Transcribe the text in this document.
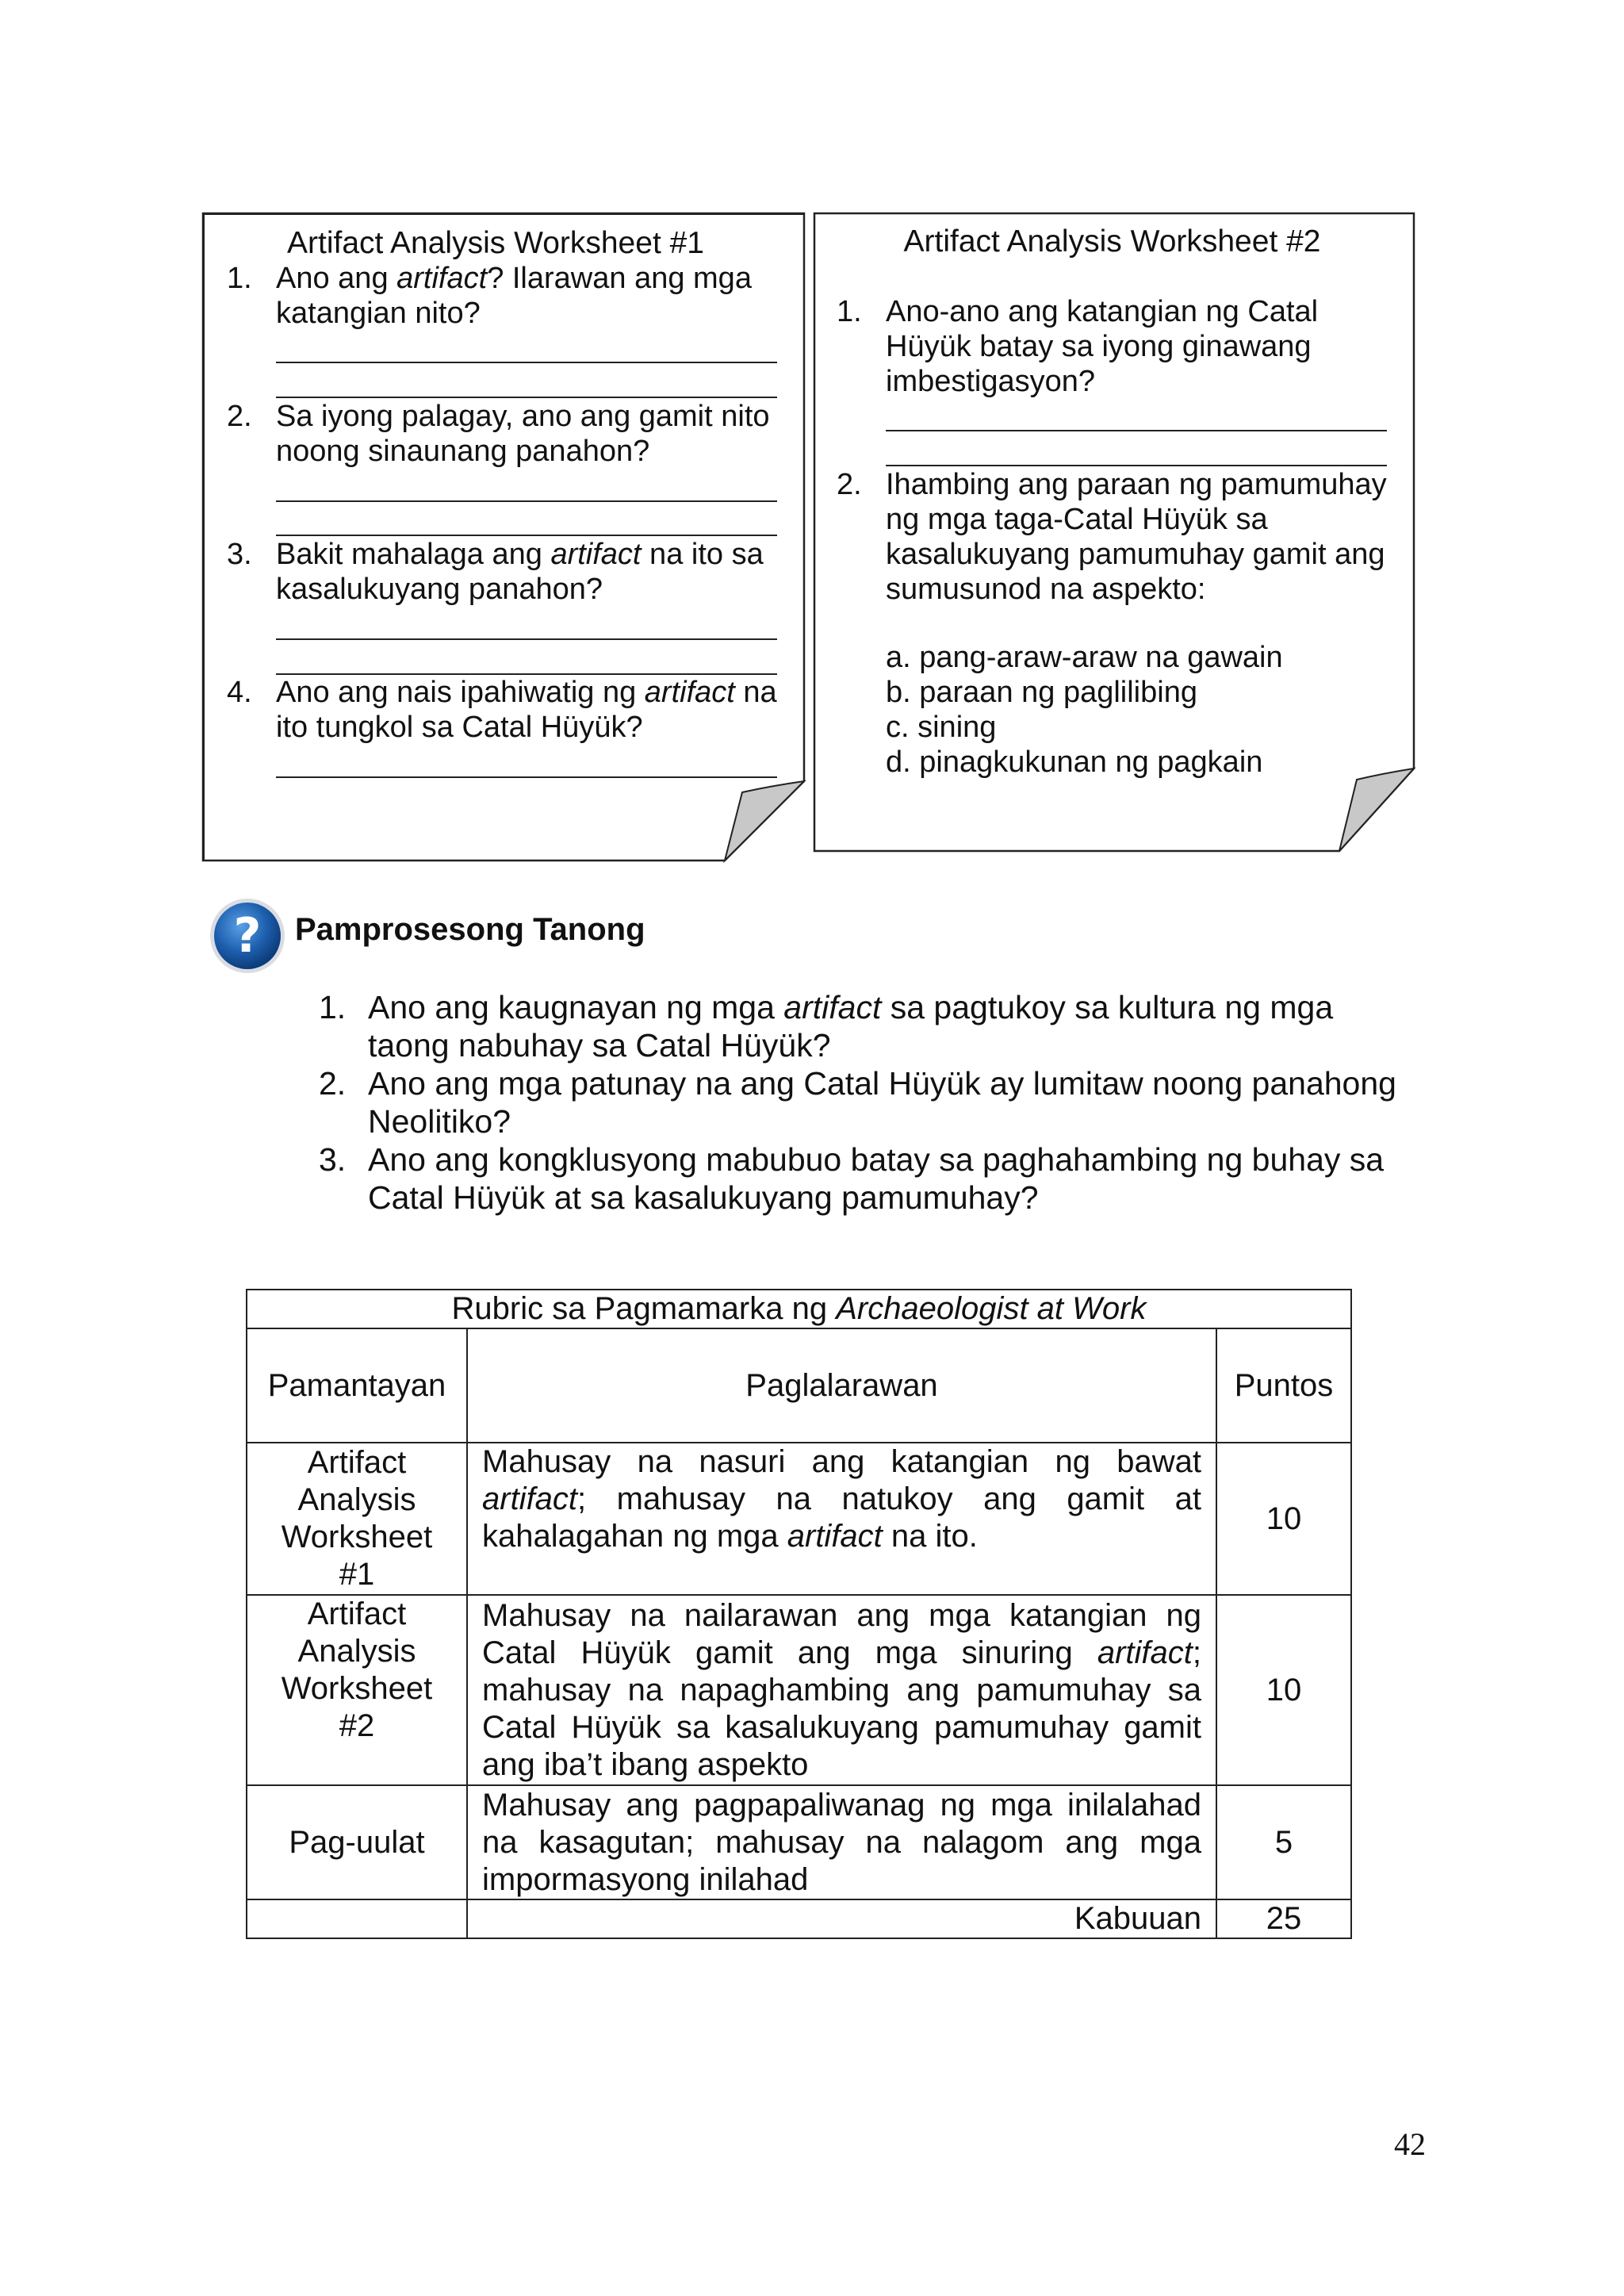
Artifact Analysis Worksheet #1
1. Ano ang artifact? Ilarawan ang mga katangian nito?
2. Sa iyong palagay, ano ang gamit nito noong sinaunang panahon?
3. Bakit mahalaga ang artifact na ito sa kasalukuyang panahon?
4. Ano ang nais ipahiwatig ng artifact na ito tungkol sa Catal Hüyük?
Artifact Analysis Worksheet #2
1. Ano-ano ang katangian ng Catal Hüyük batay sa iyong ginawang imbestigasyon?
2. Ihambing ang paraan ng pamumuhay ng mga taga-Catal Hüyük sa kasalukuyang pamumuhay gamit ang sumusunod na aspekto:
a. pang-araw-araw na gawain
b. paraan ng paglilibing
c. sining
d. pinagkukunan ng pagkain
? Pamprosesong Tanong
1. Ano ang kaugnayan ng mga artifact sa pagtukoy sa kultura ng mga taong nabuhay sa Catal Hüyük?
2. Ano ang mga patunay na ang Catal Hüyük ay lumitaw noong panahong Neolitiko?
3. Ano ang kongklusyong mabubuo batay sa paghahambing ng buhay sa Catal Hüyük at sa kasalukuyang pamumuhay?
Rubric sa Pagmamarka ng Archaeologist at Work		
Pamantayan	Paglalarawan	Puntos
Artifact Analysis Worksheet #1	Mahusay na nasuri ang katangian ng bawat artifact; mahusay na natukoy ang gamit at kahalagahan ng mga artifact na ito.	10
Artifact Analysis Worksheet #2	Mahusay na nailarawan ang mga katangian ng Catal Hüyük gamit ang mga sinuring artifact; mahusay na napaghambing ang pamumuhay sa Catal Hüyük sa kasalukuyang pamumuhay gamit ang iba’t ibang aspekto	10
Pag-uulat	Mahusay ang pagpapaliwanag ng mga inilalahad na kasagutan; mahusay na nalagom ang mga impormasyong inilahad	5
	Kabuuan	25
42
